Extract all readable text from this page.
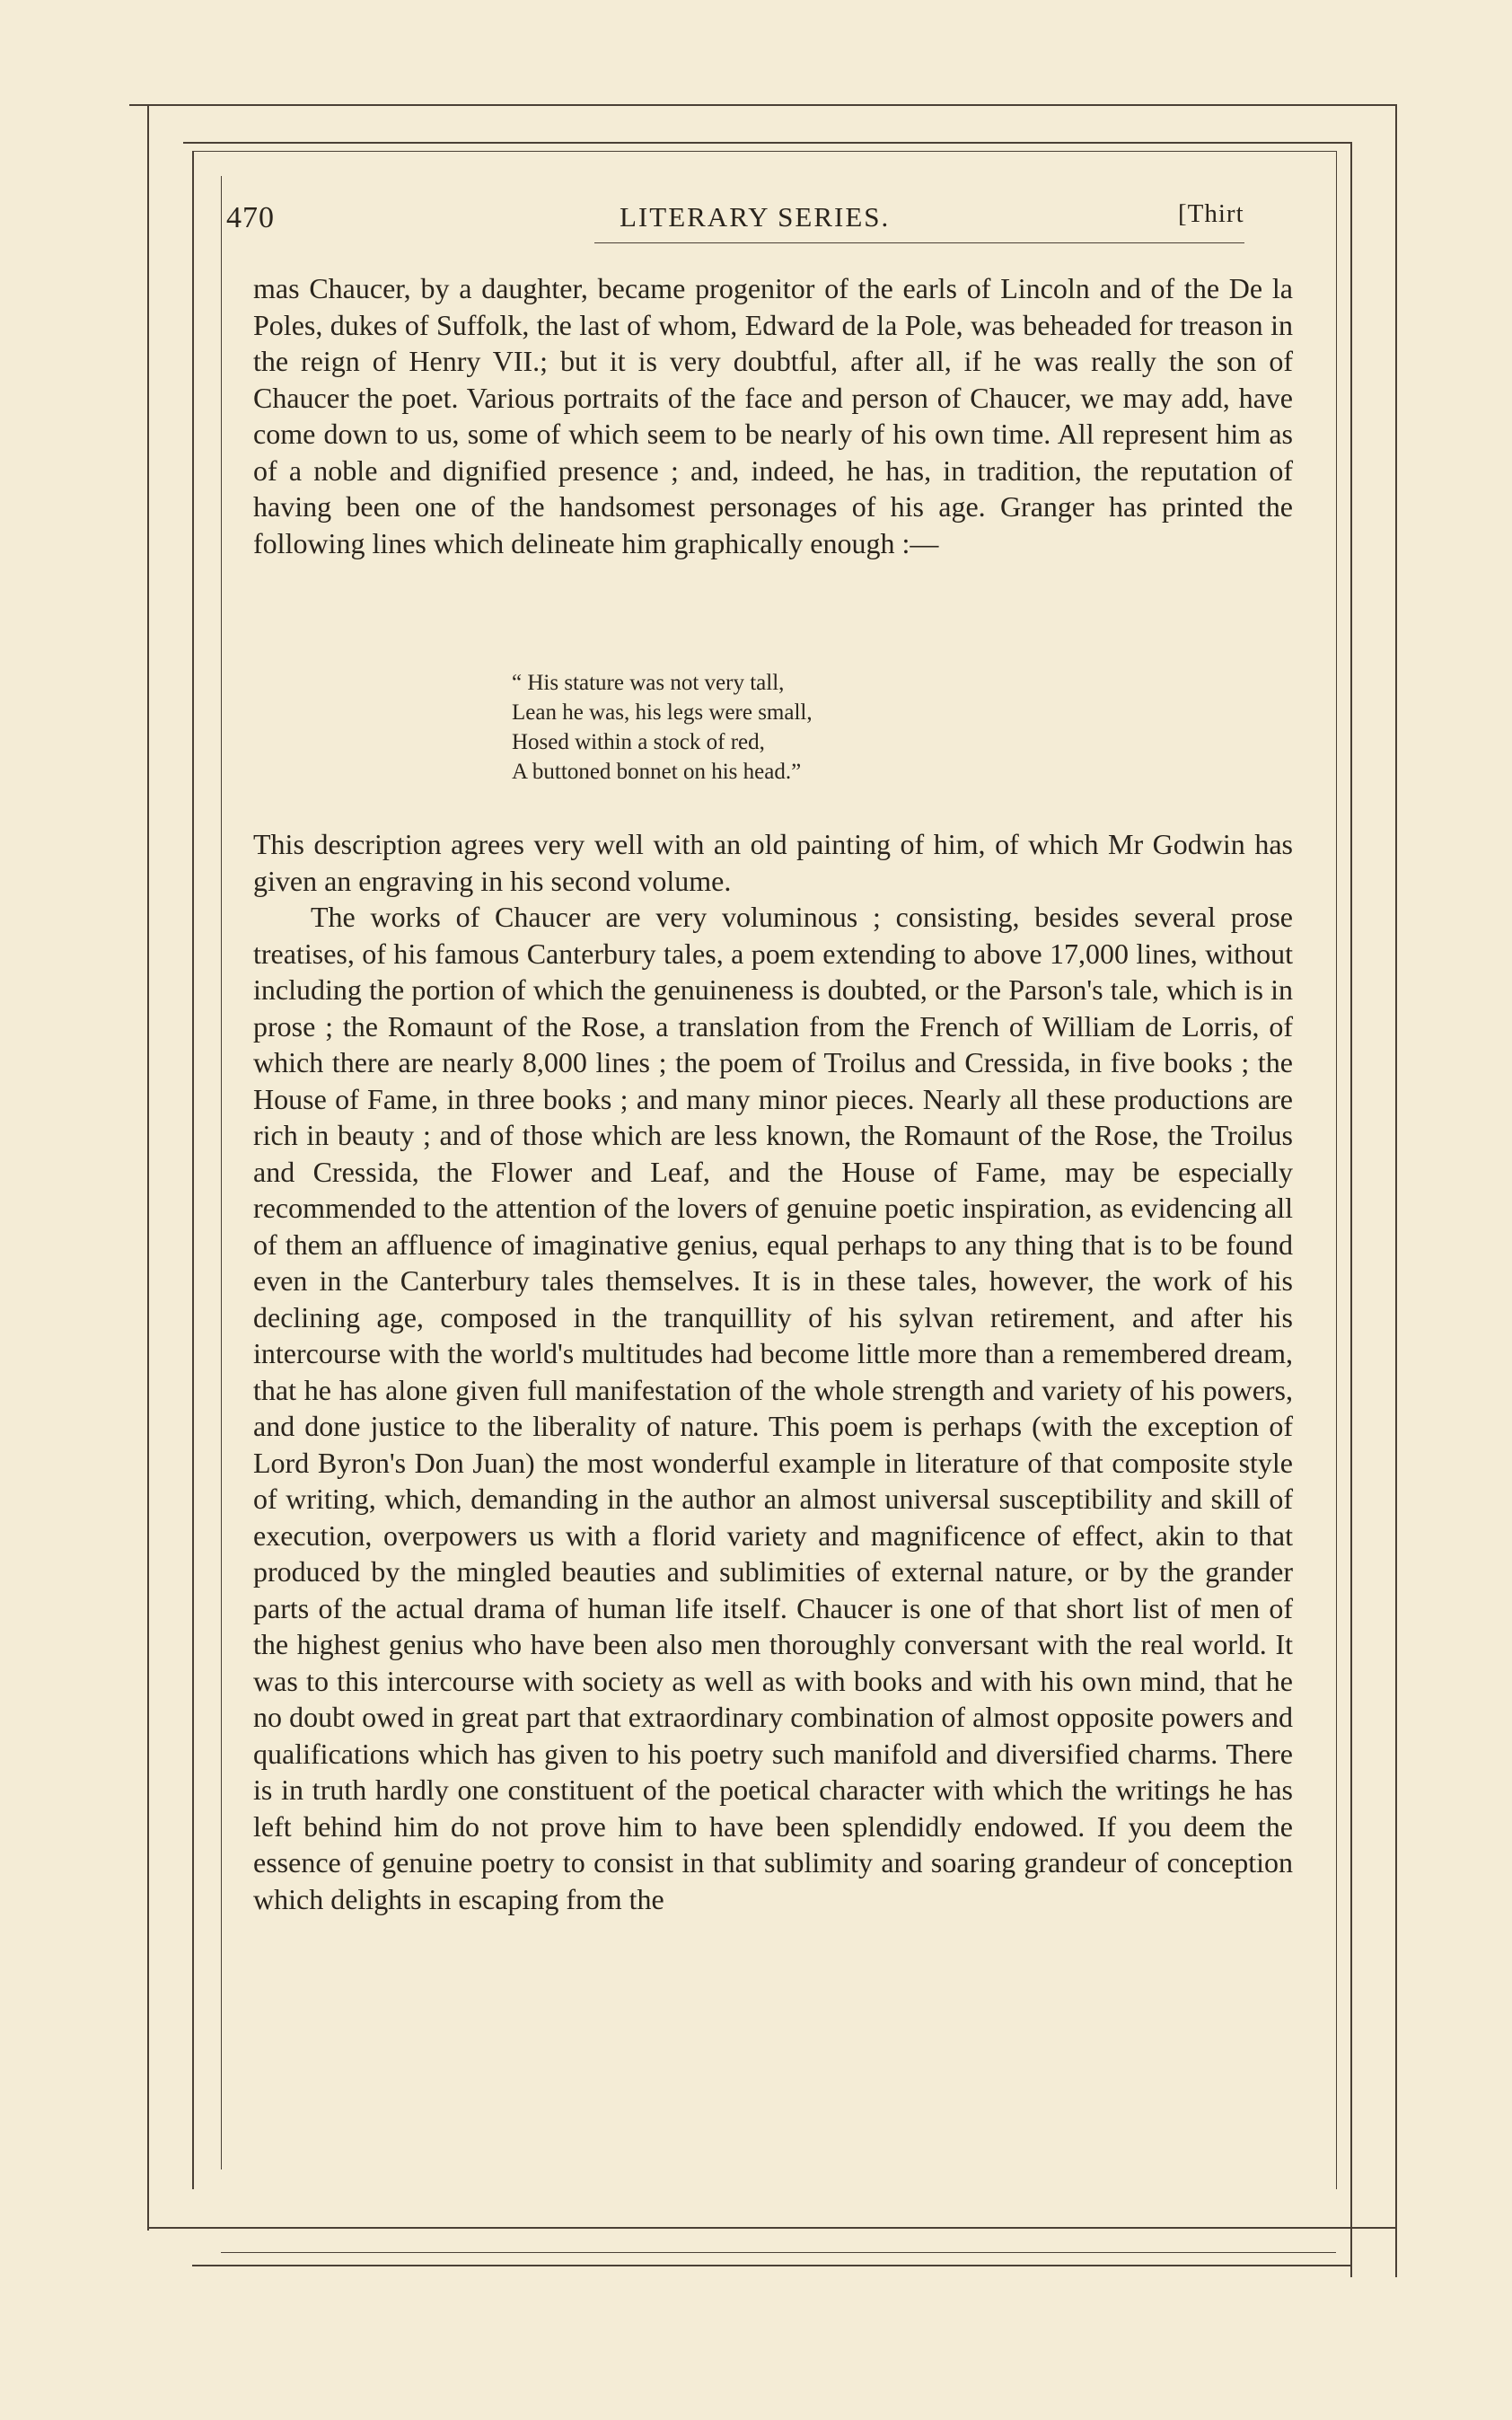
470	LITERARY SERIES.	[Thirt

mas Chaucer, by a daughter, became progenitor of the earls of Lincoln and of the De la Poles, dukes of Suffolk, the last of whom, Edward de la Pole, was beheaded for treason in the reign of Henry VII.; but it is very doubtful, after all, if he was really the son of Chaucer the poet. Various portraits of the face and person of Chaucer, we may add, have come down to us, some of which seem to be nearly of his own time. All represent him as of a noble and dignified presence ; and, indeed, he has, in tradition, the reputation of having been one of the handsomest personages of his age. Granger has printed the following lines which delineate him graphically enough :—

“ His stature was not very tall,
Lean he was, his legs were small,
Hosed within a stock of red,
A buttoned bonnet on his head.”

This description agrees very well with an old painting of him, of which Mr Godwin has given an engraving in his second volume.

The works of Chaucer are very voluminous ; consisting, besides several prose treatises, of his famous Canterbury tales, a poem extending to above 17,000 lines, without including the portion of which the genuineness is doubted, or the Parson's tale, which is in prose ; the Romaunt of the Rose, a translation from the French of William de Lorris, of which there are nearly 8,000 lines ; the poem of Troilus and Cressida, in five books ; the House of Fame, in three books ; and many minor pieces. Nearly all these productions are rich in beauty ; and of those which are less known, the Romaunt of the Rose, the Troilus and Cressida, the Flower and Leaf, and the House of Fame, may be especially recommended to the attention of the lovers of genuine poetic inspiration, as evidencing all of them an affluence of imaginative genius, equal perhaps to any thing that is to be found even in the Canterbury tales themselves. It is in these tales, however, the work of his declining age, composed in the tranquillity of his sylvan retirement, and after his intercourse with the world's multitudes had become little more than a remembered dream, that he has alone given full manifestation of the whole strength and variety of his powers, and done justice to the liberality of nature. This poem is perhaps (with the exception of Lord Byron's Don Juan) the most wonderful example in literature of that composite style of writing, which, demanding in the author an almost universal susceptibility and skill of execution, overpowers us with a florid variety and magnificence of effect, akin to that produced by the mingled beauties and sublimities of external nature, or by the grander parts of the actual drama of human life itself. Chaucer is one of that short list of men of the highest genius who have been also men thoroughly conversant with the real world. It was to this intercourse with society as well as with books and with his own mind, that he no doubt owed in great part that extraordinary combination of almost opposite powers and qualifications which has given to his poetry such manifold and diversified charms. There is in truth hardly one constituent of the poetical character with which the writings he has left behind him do not prove him to have been splendidly endowed. If you deem the essence of genuine poetry to consist in that sublimity and soaring grandeur of conception which delights in escaping from the
